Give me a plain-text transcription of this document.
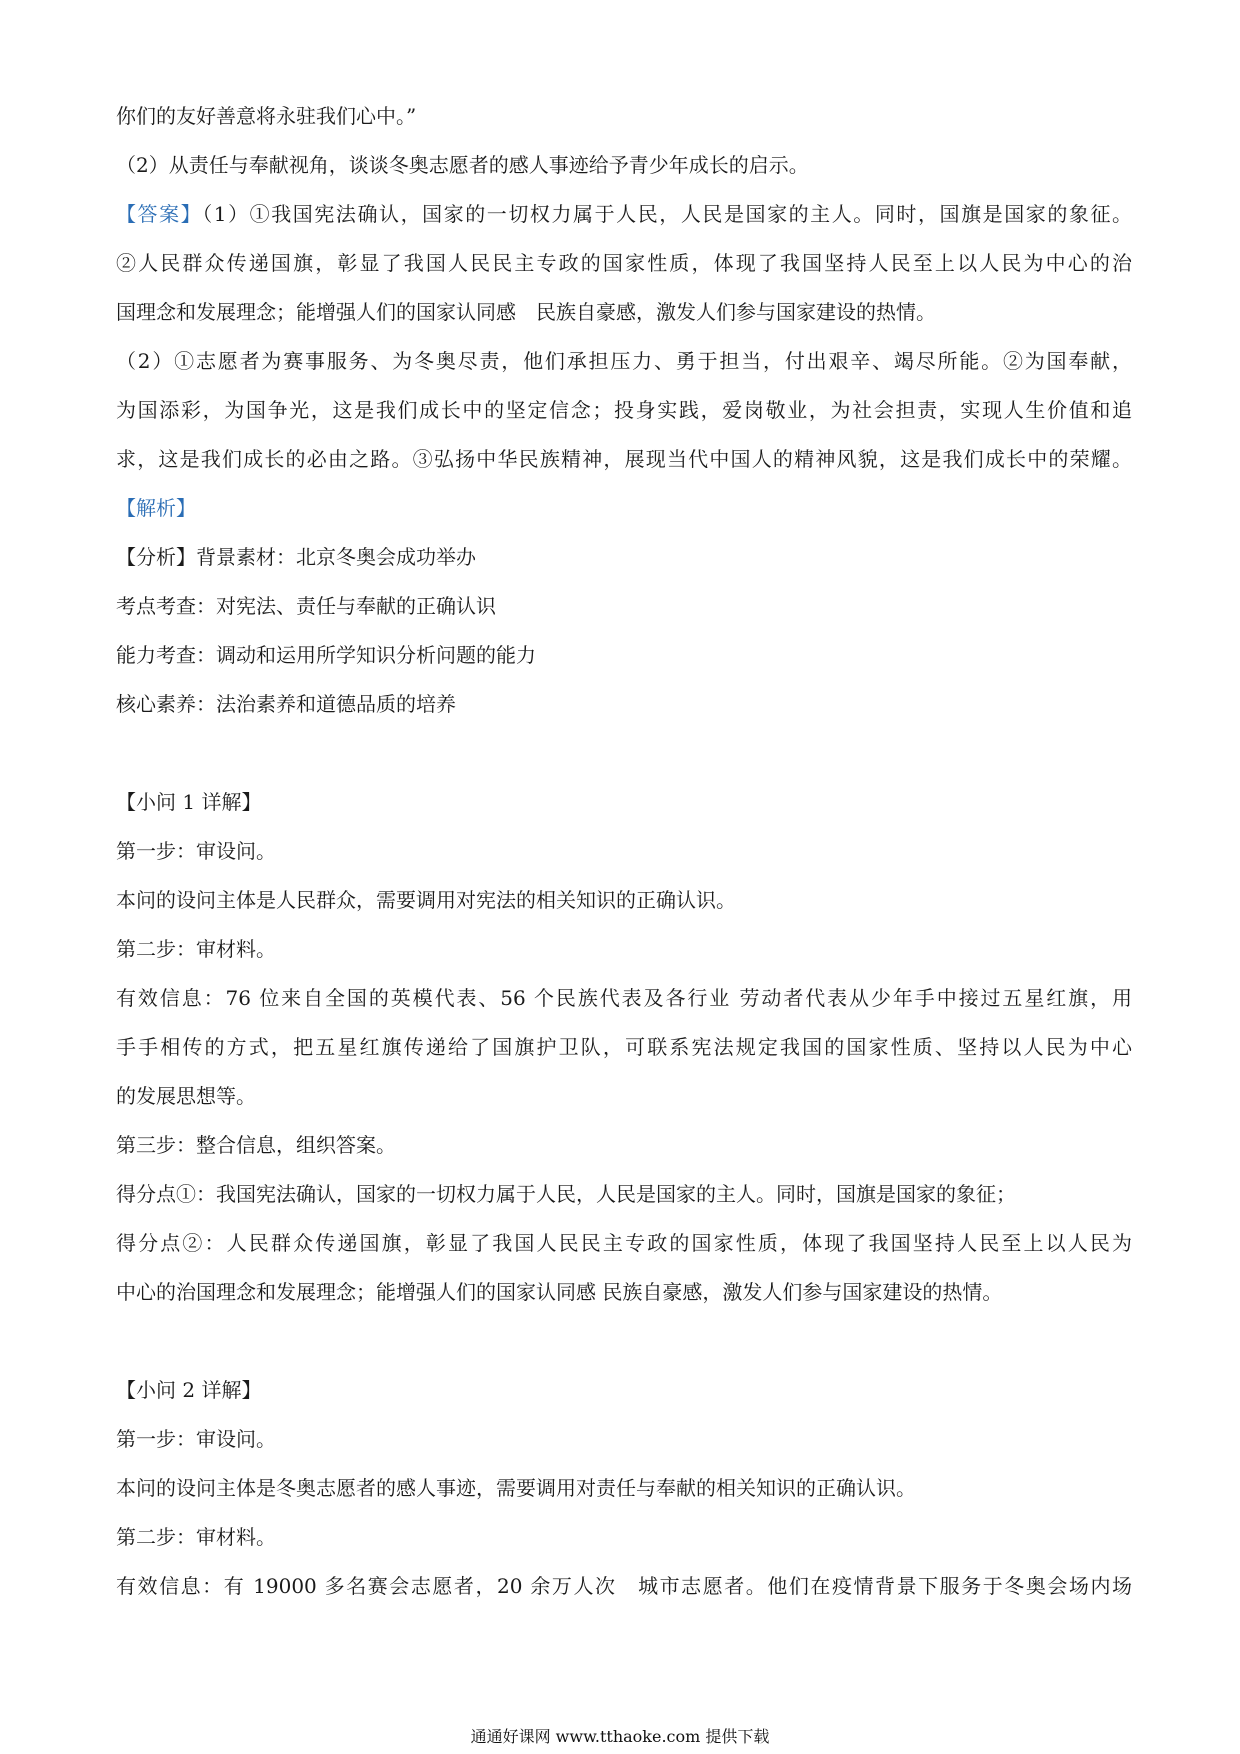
你们的友好善意将永驻我们心中。”
（2）从责任与奉献视角，谈谈冬奥志愿者的感人事迹给予青少年成长的启示。
【答案】（1）①我国宪法确认，国家的一切权力属于人民，人民是国家的主人。同时，国旗是国家的象征。
②人民群众传递国旗，彰显了我国人民民主专政的国家性质，体现了我国坚持人民至上以人民为中心的治
国理念和发展理念；能增强人们的国家认同感　民族自豪感，激发人们参与国家建设的热情。
（2）①志愿者为赛事服务、为冬奥尽责，他们承担压力、勇于担当，付出艰辛、竭尽所能。②为国奉献，
为国添彩，为国争光，这是我们成长中的坚定信念；投身实践，爱岗敬业，为社会担责，实现人生价值和追
求，这是我们成长的必由之路。③弘扬中华民族精神，展现当代中国人的精神风貌，这是我们成长中的荣耀。
【解析】
【分析】背景素材：北京冬奥会成功举办
考点考查：对宪法、责任与奉献的正确认识
能力考查：调动和运用所学知识分析问题的能力
核心素养：法治素养和道德品质的培养
【小问 1 详解】
第一步：审设问。
本问的设问主体是人民群众，需要调用对宪法的相关知识的正确认识。
第二步：审材料。
有效信息：76 位来自全国的英模代表、56 个民族代表及各行业 劳动者代表从少年手中接过五星红旗，用
手手相传的方式，把五星红旗传递给了国旗护卫队，可联系宪法规定我国的国家性质、坚持以人民为中心
的发展思想等。
第三步：整合信息，组织答案。
得分点①：我国宪法确认，国家的一切权力属于人民，人民是国家的主人。同时，国旗是国家的象征；
得分点②：人民群众传递国旗，彰显了我国人民民主专政的国家性质，体现了我国坚持人民至上以人民为
中心的治国理念和发展理念；能增强人们的国家认同感 民族自豪感，激发人们参与国家建设的热情。
【小问 2 详解】
第一步：审设问。
本问的设问主体是冬奥志愿者的感人事迹，需要调用对责任与奉献的相关知识的正确认识。
第二步：审材料。
有效信息：有 19000 多名赛会志愿者，20 余万人次　城市志愿者。他们在疫情背景下服务于冬奥会场内场
通通好课网 www.tthaoke.com 提供下载
